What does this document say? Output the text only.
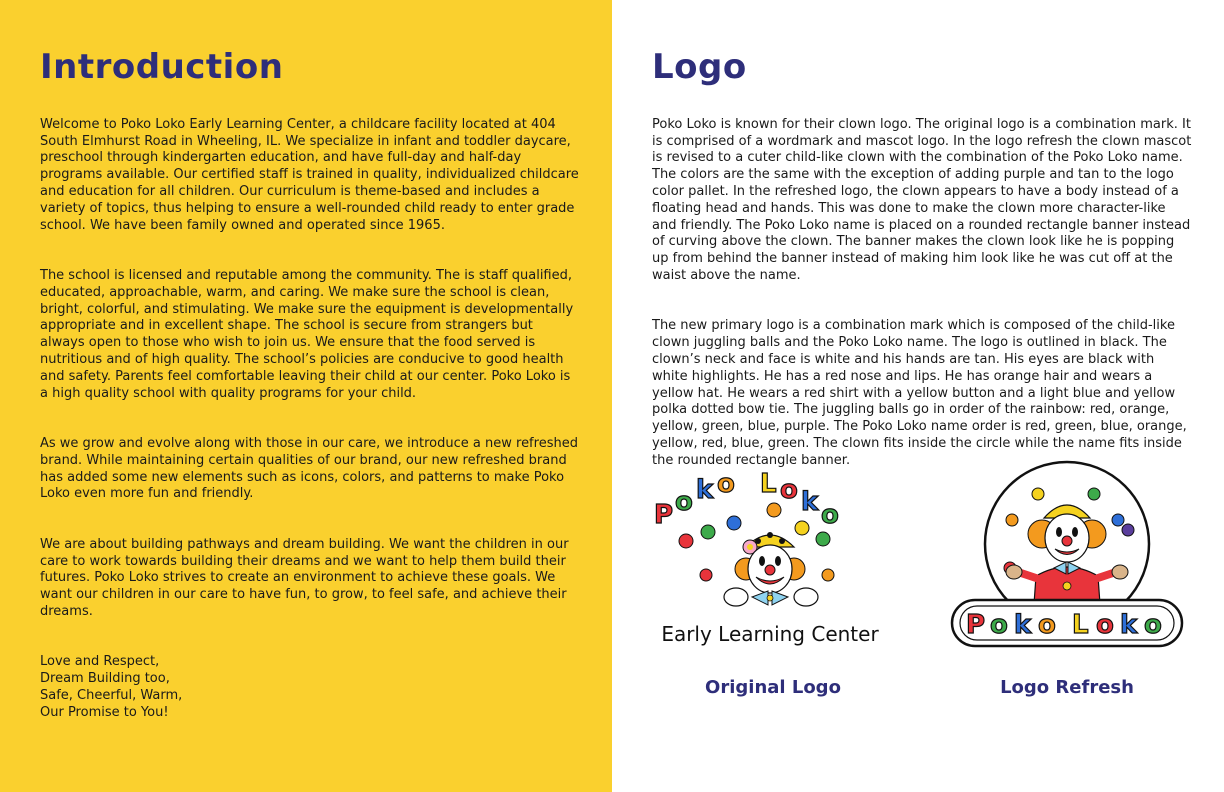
Introduction

Welcome to Poko Loko Early Learning Center, a childcare facility located at 404 South Elmhurst Road in Wheeling, IL. We specialize in infant and toddler daycare, preschool through kindergarten education, and have full-day and half-day programs available. Our certified staff is trained in quality, individualized childcare and education for all children. Our curriculum is theme-based and includes a variety of topics, thus helping to ensure a well-rounded child ready to enter grade school. We have been family owned and operated since 1965.

The school is licensed and reputable among the community. The is staff qualified, educated, approachable, warm, and caring. We make sure the school is clean, bright, colorful, and stimulating. We make sure the equipment is developmentally appropriate and in excellent shape. The school is secure from strangers but always open to those who wish to join us. We ensure that the food served is nutritious and of high quality. The school’s policies are conducive to good health and safety. Parents feel comfortable leaving their child at our center. Poko Loko is a high quality school with quality programs for your child.

As we grow and evolve along with those in our care, we introduce a new refreshed brand. While maintaining certain qualities of our brand, our new refreshed brand has added some new elements such as icons, colors, and patterns to make Poko Loko even more fun and friendly.

We are about building pathways and dream building. We want the children in our care to work towards building their dreams and we want to help them build their futures. Poko Loko strives to create an environment to achieve these goals. We want our children in our care to have fun, to grow, to feel safe, and achieve their dreams.

Love and Respect,
Dream Building too,
Safe, Cheerful, Warm,
Our Promise to You!

Logo

Poko Loko is known for their clown logo. The original logo is a combination mark. It is comprised of a wordmark and mascot logo. In the logo refresh the clown mascot is revised to a cuter child-like clown with the combination of the Poko Loko name. The colors are the same with the exception of adding purple and tan to the logo color pallet. In the refreshed logo, the clown appears to have a body instead of a floating head and hands. This was done to make the clown more character-like and friendly. The Poko Loko name is placed on a rounded rectangle banner instead of curving above the clown. The banner makes the clown look like he is popping up from behind the banner instead of making him look like he was cut off at the waist above the name.

The new primary logo is a combination mark which is composed of the child-like clown juggling balls and the Poko Loko name. The logo is outlined in black. The clown’s neck and face is white and his hands are tan. His eyes are black with white highlights. He has a red nose and lips. He has orange hair and wears a yellow hat. He wears a red shirt with a yellow button and a light blue and yellow polka dotted bow tie. The juggling balls go in order of the rainbow: red, orange, yellow, green, blue, purple. The Poko Loko name order is red, green, blue, orange, yellow, red, blue, green. The clown fits inside the circle while the name fits inside the rounded rectangle banner.

P o k o L o k o
Early Learning Center	P o k o L o k o
Original Logo	Logo Refresh
